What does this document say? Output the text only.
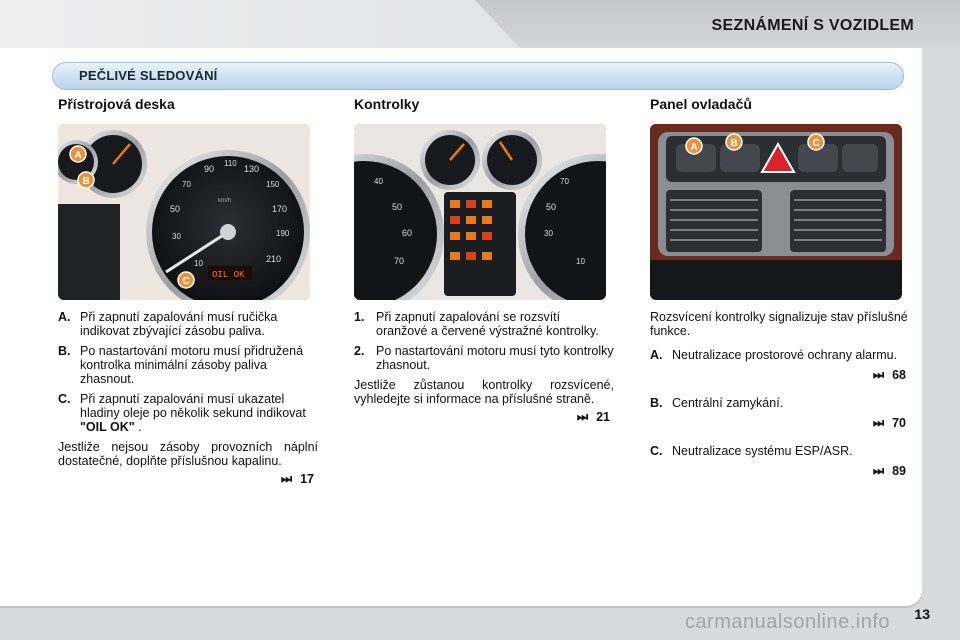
SEZNÁMENÍ S VOZIDLEM
PEČLIVÉ SLEDOVÁNÍ
Přístrojová deska
OIL OK
10
30
50
70
90
110
130
150
170
190
210
km/h
A
B
C
A. Při zapnutí zapalování musí ručička indikovat zbývající zásobu paliva.
B. Po nastartování motoru musí přidružená kontrolka minimální zásoby paliva zhasnout.
C. Při zapnutí zapalování musí ukazatel hladiny oleje po několik sekund indikovat "OIL OK" .
Jestliže nejsou zásoby provozních náplní dostatečné, doplňte příslušnou kapalinu.
⏭ 17
Kontrolky
40
50
60
70	10
30
50
70
1. Při zapnutí zapalování se rozsvítí oranžové a červené výstražné kontrolky.
2. Po nastartování motoru musí tyto kontrolky zhasnout.
Jestliže zůstanou kontrolky rozsvícené, vyhledejte si informace na příslušné straně.
⏭ 21
Panel ovladačů
A	B	C
Rozsvícení kontrolky signalizuje stav příslušné funkce.
A. Neutralizace prostorové ochrany alarmu.
⏭ 68
B. Centrální zamykání.
⏭ 70
C. Neutralizace systému ESP/ASR.
⏭ 89
13
carmanualsonline.info
